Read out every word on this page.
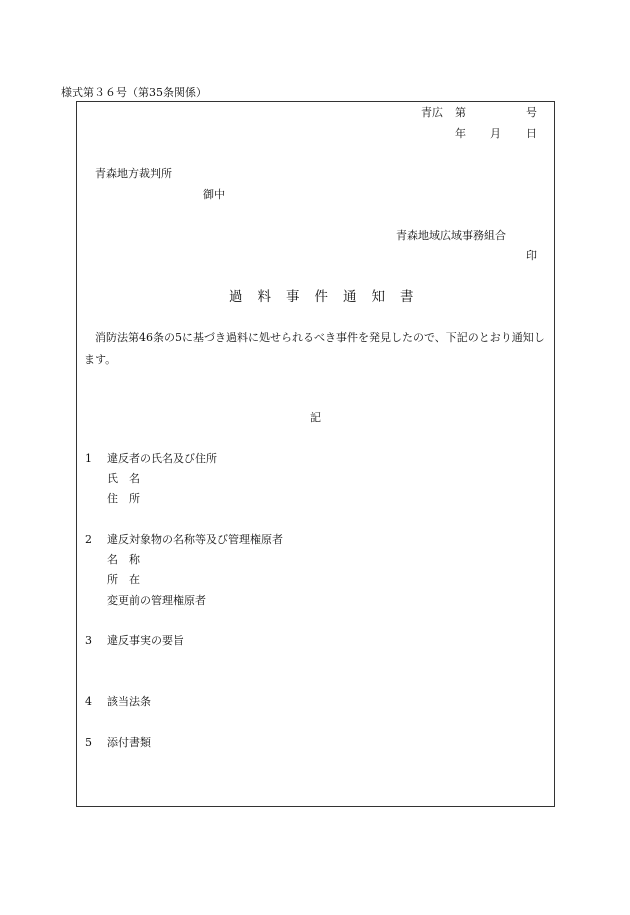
様式第３６号（第35条関係）
青広 第	号
年 月 日
青森地方裁判所
御中
青森地域広域事務組合
印
過料事件通知書
消防法第46条の5に基づき過料に処せられるべき事件を発見したので、下記のとおり通知します。
記
1 違反者の氏名及び住所
氏　名
住　所
2 違反対象物の名称等及び管理権原者
名　称
所　在
変更前の管理権原者
3 違反事実の要旨
4 該当法条
5 添付書類
